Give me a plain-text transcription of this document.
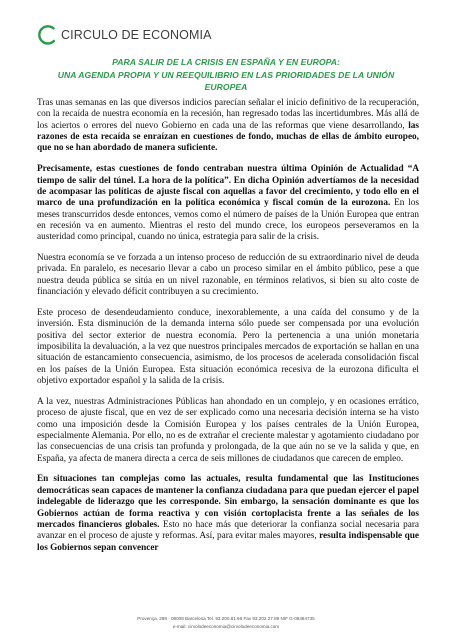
CIRCULO DE ECONOMIA
PARA SALIR DE LA CRISIS EN ESPAÑA Y EN EUROPA:
UNA AGENDA PROPIA Y UN REEQUILIBRIO EN LAS PRIORIDADES DE LA UNIÓN EUROPEA

Tras unas semanas en las que diversos indicios parecían señalar el inicio definitivo de la recuperación, con la recaída de nuestra economía en la recesión, han regresado todas las incertidumbres. Más allá de los aciertos o errores del nuevo Gobierno en cada una de las reformas que viene desarrollando, las razones de esta recaída se enraízan en cuestiones de fondo, muchas de ellas de ámbito europeo, que no se han abordado de manera suficiente.

Precisamente, estas cuestiones de fondo centraban nuestra última Opinión de Actualidad “A tiempo de salir del túnel. La hora de la política”. En dicha Opinión advertíamos de la necesidad de acompasar las políticas de ajuste fiscal con aquellas a favor del crecimiento, y todo ello en el marco de una profundización en la política económica y fiscal común de la eurozona. En los meses transcurridos desde entonces, vemos como el número de países de la Unión Europea que entran en recesión va en aumento. Mientras el resto del mundo crece, los europeos perseveramos en la austeridad como principal, cuando no única, estrategia para salir de la crisis.

Nuestra economía se ve forzada a un intenso proceso de reducción de su extraordinario nivel de deuda privada. En paralelo, es necesario llevar a cabo un proceso similar en el ámbito público, pese a que nuestra deuda pública se sitúa en un nivel razonable, en términos relativos, si bien su alto coste de financiación y elevado déficit contribuyen a su crecimiento.

Este proceso de desendeudamiento conduce, inexorablemente, a una caída del consumo y de la inversión. Esta disminución de la demanda interna sólo puede ser compensada por una evolución positiva del sector exterior de nuestra economía. Pero la pertenencia a una unión monetaria imposibilita la devaluación, a la vez que nuestros principales mercados de exportación se hallan en una situación de estancamiento consecuencia, asimismo, de los procesos de acelerada consolidación fiscal en los países de la Unión Europea. Esta situación económica recesiva de la eurozona dificulta el objetivo exportador español y la salida de la crisis.

A la vez, nuestras Administraciones Públicas han ahondado en un complejo, y en ocasiones errático, proceso de ajuste fiscal, que en vez de ser explicado como una necesaria decisión interna se ha visto como una imposición desde la Comisión Europea y los países centrales de la Unión Europea, especialmente Alemania. Por ello, no es de extrañar el creciente malestar y agotamiento ciudadano por las consecuencias de una crisis tan profunda y prolongada, de la que aún no se ve la salida y que, en España, ya afecta de manera directa a cerca de seis millones de ciudadanos que carecen de empleo.

En situaciones tan complejas como las actuales, resulta fundamental que las Instituciones democráticas sean capaces de mantener la confianza ciudadana para que puedan ejercer el papel indelegable de liderazgo que les corresponde. Sin embargo, la sensación dominante es que los Gobiernos actúan de forma reactiva y con visión cortoplacista frente a las señales de los mercados financieros globales. Esto no hace más que deteriorar la confianza social necesaria para avanzar en el proceso de ajuste y reformas. Así, para evitar males mayores, resulta indispensable que los Gobiernos sepan convencer

Provença, 298 · 08008 Barcelona Tel. 93.200.81.66 Fax 93.202.27.89 NIF G-08484735
e-mail: cirvolodeeconomia@cirvolodeeconomia.com
